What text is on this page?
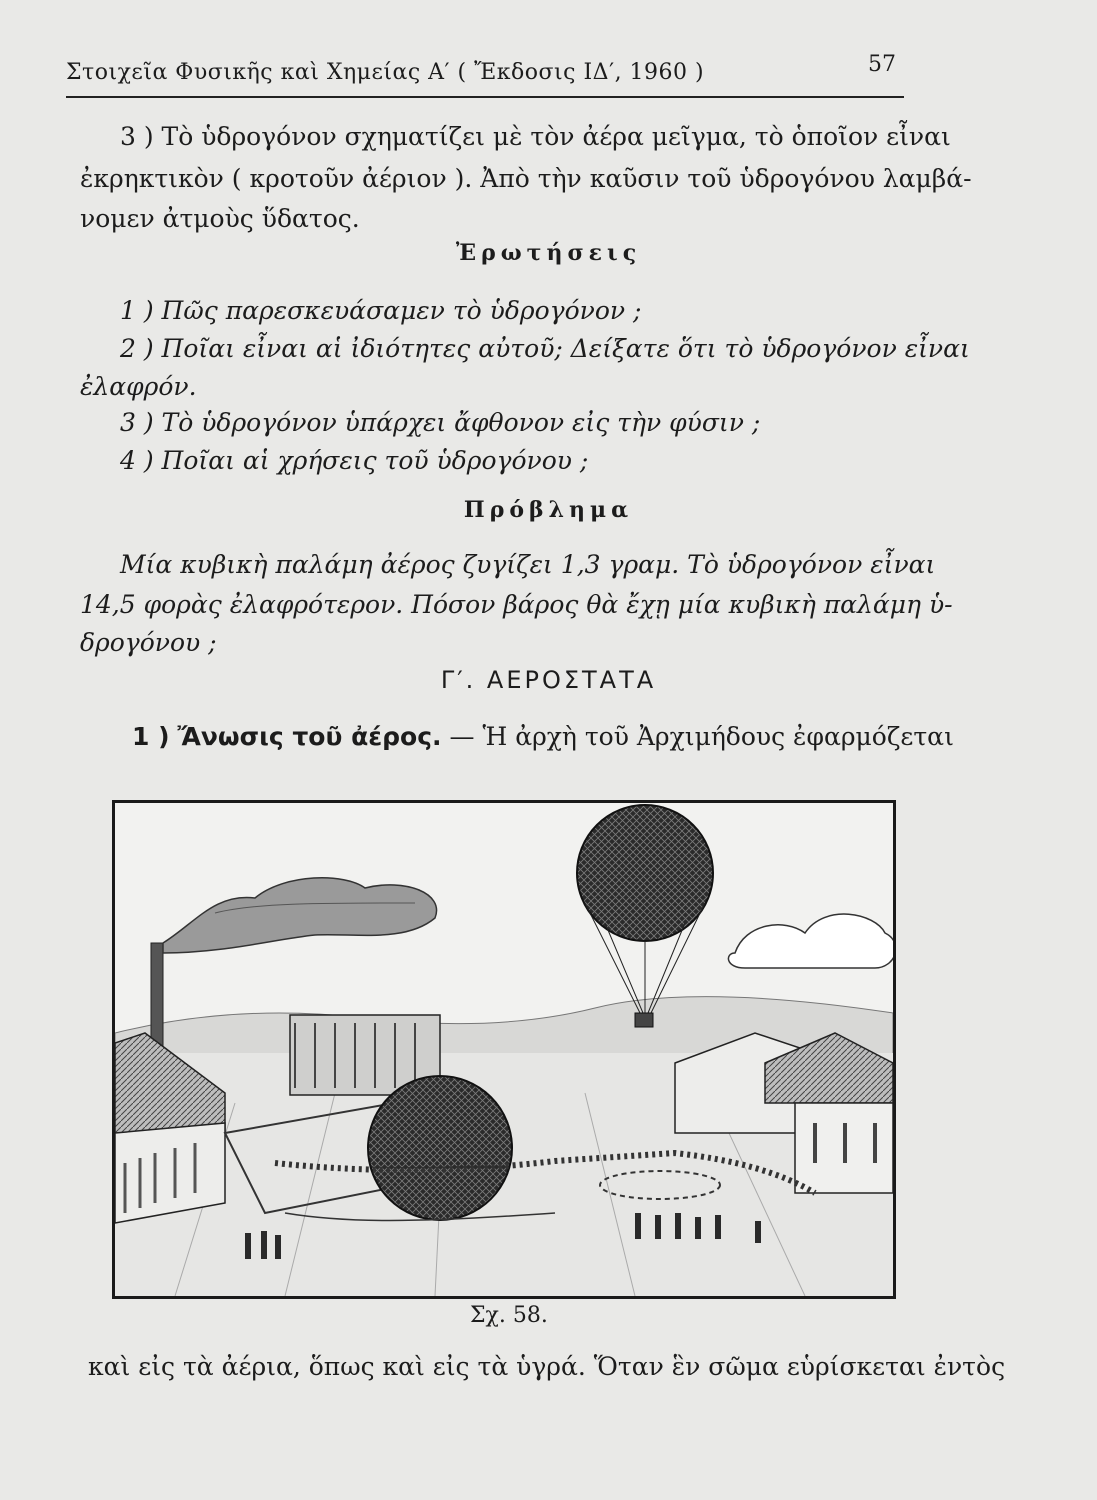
Στοιχεῖα Φυσικῆς καὶ Χημείας Α′ ( Ἔκδοσις ΙΔ′, 1960 )	57
3 ) Τὸ ὑδρογόνον σχηματίζει μὲ τὸν ἀέρα μεῖγμα, τὸ ὁποῖον εἶναι
ἐκρηκτικὸν ( κροτοῦν ἀέριον ). Ἀπὸ τὴν καῦσιν τοῦ ὑδρογόνου λαμβά-
νομεν ἀτμοὺς ὕδατος.
Ἐρωτήσεις
1 ) Πῶς παρεσκευάσαμεν τὸ ὑδρογόνον ;
2 ) Ποῖαι εἶναι αἱ ἰδιότητες αὐτοῦ; Δείξατε ὅτι τὸ ὑδρογόνον εἶναι
ἐλαφρόν.
3 ) Τὸ ὑδρογόνον ὑπάρχει ἄφθονον εἰς τὴν φύσιν ;
4 ) Ποῖαι αἱ χρήσεις τοῦ ὑδρογόνου ;
Πρόβλημα
Μία κυβικὴ παλάμη ἀέρος ζυγίζει 1,3 γραμ. Τὸ ὑδρογόνον εἶναι
14,5 φορὰς ἐλαφρότερον. Πόσον βάρος θὰ ἔχῃ μία κυβικὴ παλάμη ὑ-
δρογόνου ;
Γ′. ΑΕΡΟΣΤΑΤΑ
1 ) Ἄνωσις τοῦ ἀέρος. — Ἡ ἀρχὴ τοῦ Ἀρχιμήδους ἐφαρμόζεται
Σχ. 58.
καὶ εἰς τὰ ἀέρια, ὅπως καὶ εἰς τὰ ὑγρά. Ὅταν ἓν σῶμα εὑρίσκεται ἐντὸς
